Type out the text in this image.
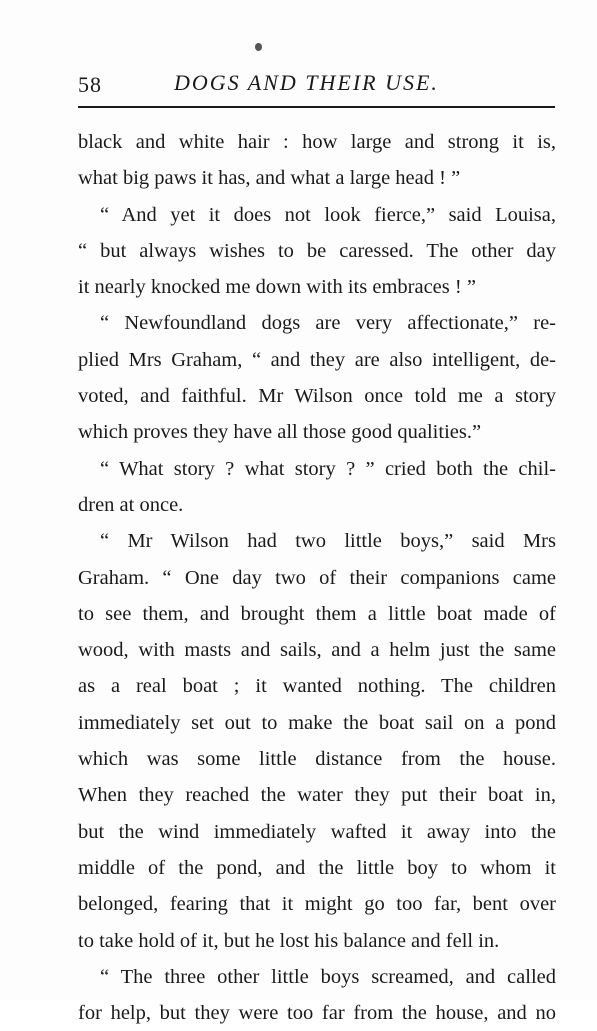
58	DOGS AND THEIR USE.
black and white hair : how large and strong it is,
what big paws it has, and what a large head ! ”
“ And yet it does not look fierce,” said Louisa,
“ but always wishes to be caressed. The other day
it nearly knocked me down with its embraces ! ”
“ Newfoundland dogs are very affectionate,” re-
plied Mrs Graham, “ and they are also intelligent, de-
voted, and faithful. Mr Wilson once told me a story
which proves they have all those good qualities.”
“ What story ? what story ? ” cried both the chil-
dren at once.
“ Mr Wilson had two little boys,” said Mrs
Graham. “ One day two of their companions came
to see them, and brought them a little boat made of
wood, with masts and sails, and a helm just the same
as a real boat ; it wanted nothing. The children
immediately set out to make the boat sail on a pond
which was some little distance from the house.
When they reached the water they put their boat in,
but the wind immediately wafted it away into the
middle of the pond, and the little boy to whom it
belonged, fearing that it might go too far, bent over
to take hold of it, but he lost his balance and fell in.
“ The three other little boys screamed, and called
for help, but they were too far from the house, and no
